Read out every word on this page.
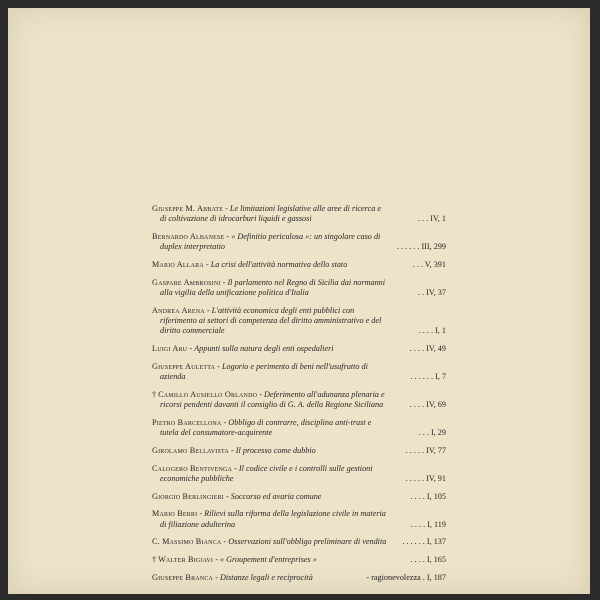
Giuseppe M. Abbate - Le limitazioni legislative alle aree di ricerca e di coltivazione di idrocarburi liquidi e gassosi	. . . IV, 1
Bernardo Albanese - « Definitio periculosa »: un singolare caso di duplex interpretatio	. . . . . . III, 299
Mario Allara - La crisi dell'attività normativa dello stato	. . . V, 391
Gaspare Ambrosini - Il parlamento nel Regno di Sicilia dai normanni alla vigilia della unificazione politica d'Italia	. . IV, 37
Andrea Arena - L'attività economica degli enti pubblici con riferimento ai settori di competenza del diritto amministrativo e del diritto commerciale	. . . . I, 1
Luigi Aru - Appunti sulla natura degli enti ospedalieri	. . . . IV, 49
Giuseppe Auletta - Logorio e perimento di beni nell'usufrutto di azienda	. . . . . . I, 7
† Camillo Ausiello Orlando - Deferimento all'adunanza plenaria e ricorsi pendenti davanti il consiglio di G. A. della Regione Siciliana	. . . . IV, 69
Pietro Barcellona - Obbligo di contrarre, disciplina anti-trust e tutela del consumatore-acquirente	. . . I, 29
Girolamo Bellavista - Il processo come dubbio	. . . . . IV, 77
Calogero Bentivenga - Il codice civile e i controlli sulle gestioni economiche pubbliche	. . . . . IV, 91
Giorgio Berlingieri - Soccorso ed avaria comune	. . . . I, 105
Mario Berri - Rilievi sulla riforma della legislazione civile in materia di filiazione adulterina	. . . . I, 119
C. Massimo Bianca - Osservazioni sull'obbligo preliminare di vendita	. . . . . . I, 137
† Walter Bigiavi - « Groupement d'entreprises »	. . . . I, 165
Giuseppe Branca - Distanze legali e reciprocità	- ragionevolezza . I, 187
